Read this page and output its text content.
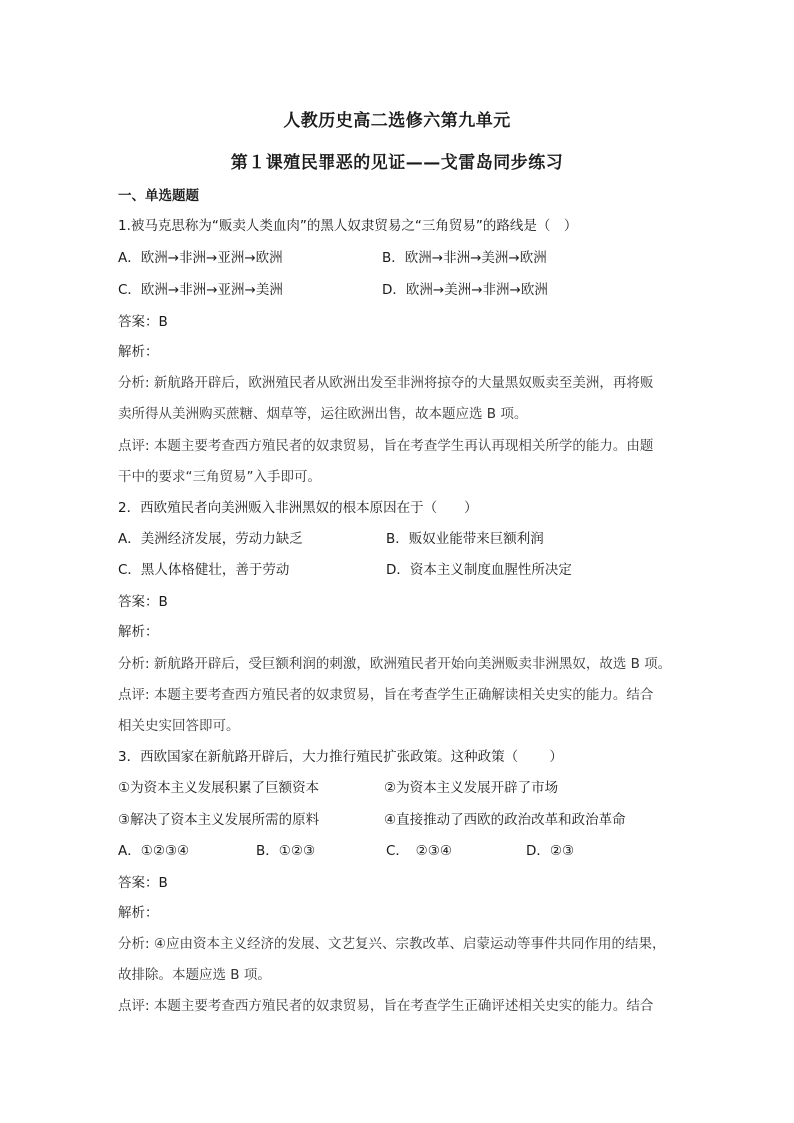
人教历史高二选修六第九单元
第１课殖民罪恶的见证——戈雷岛同步练习
一、单选题题
1.被马克思称为“贩卖人类血肉”的黑人奴隶贸易之“三角贸易”的路线是（　）
A．欧洲→非洲→亚洲→欧洲	B．欧洲→非洲→美洲→欧洲
C．欧洲→非洲→亚洲→美洲	D．欧洲→美洲→非洲→欧洲
答案：B
解析：
分析: 新航路开辟后，欧洲殖民者从欧洲出发至非洲将掠夺的大量黑奴贩卖至美洲，再将贩
卖所得从美洲购买蔗糖、烟草等，运往欧洲出售，故本题应选 B 项。
点评: 本题主要考查西方殖民者的奴隶贸易，旨在考查学生再认再现相关所学的能力。由题
干中的要求“三角贸易”入手即可。
2．西欧殖民者向美洲贩入非洲黑奴的根本原因在于（　　）
A．美洲经济发展，劳动力缺乏	B．贩奴业能带来巨额利润
C．黑人体格健壮，善于劳动	D．资本主义制度血腥性所决定
答案：B
解析：
分析: 新航路开辟后，受巨额利润的刺激，欧洲殖民者开始向美洲贩卖非洲黑奴，故选 B 项。
点评: 本题主要考查西方殖民者的奴隶贸易，旨在考查学生正确解读相关史实的能力。结合
相关史实回答即可。
3．西欧国家在新航路开辟后，大力推行殖民扩张政策。这种政策（　　 ）
①为资本主义发展积累了巨额资本	②为资本主义发展开辟了市场
③解决了资本主义发展所需的原料	④直接推动了西欧的政治改革和政治革命
A．①②③④	B．①②③	C．　②③④	D．②③
答案：B
解析：
分析: ④应由资本主义经济的发展、文艺复兴、宗教改革、启蒙运动等事件共同作用的结果，
故排除。本题应选 B 项。
点评: 本题主要考查西方殖民者的奴隶贸易，旨在考查学生正确评述相关史实的能力。结合
